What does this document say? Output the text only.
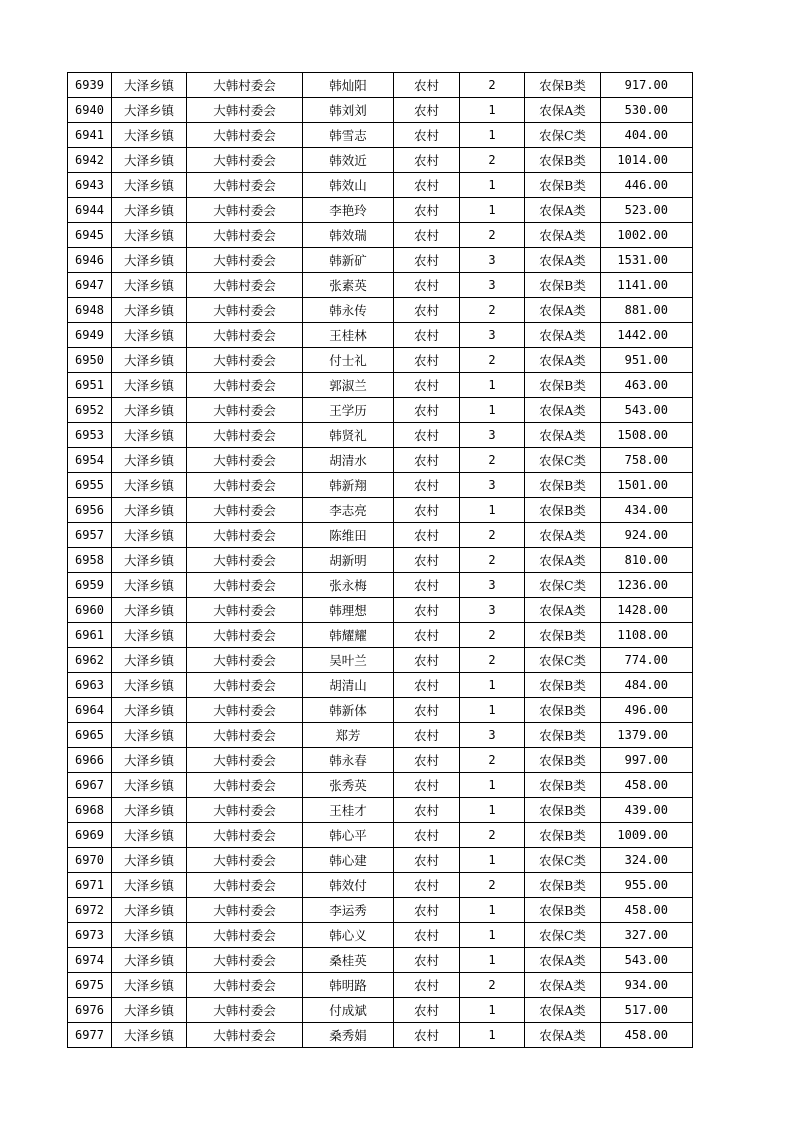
6939	大泽乡镇	大韩村委会	韩灿阳	农村	2	农保B类	917.00
6940	大泽乡镇	大韩村委会	韩刘刘	农村	1	农保A类	530.00
6941	大泽乡镇	大韩村委会	韩雪志	农村	1	农保C类	404.00
6942	大泽乡镇	大韩村委会	韩效近	农村	2	农保B类	1014.00
6943	大泽乡镇	大韩村委会	韩效山	农村	1	农保B类	446.00
6944	大泽乡镇	大韩村委会	李艳玲	农村	1	农保A类	523.00
6945	大泽乡镇	大韩村委会	韩效瑞	农村	2	农保A类	1002.00
6946	大泽乡镇	大韩村委会	韩新矿	农村	3	农保A类	1531.00
6947	大泽乡镇	大韩村委会	张素英	农村	3	农保B类	1141.00
6948	大泽乡镇	大韩村委会	韩永传	农村	2	农保A类	881.00
6949	大泽乡镇	大韩村委会	王桂林	农村	3	农保A类	1442.00
6950	大泽乡镇	大韩村委会	付士礼	农村	2	农保A类	951.00
6951	大泽乡镇	大韩村委会	郭淑兰	农村	1	农保B类	463.00
6952	大泽乡镇	大韩村委会	王学历	农村	1	农保A类	543.00
6953	大泽乡镇	大韩村委会	韩贤礼	农村	3	农保A类	1508.00
6954	大泽乡镇	大韩村委会	胡清水	农村	2	农保C类	758.00
6955	大泽乡镇	大韩村委会	韩新翔	农村	3	农保B类	1501.00
6956	大泽乡镇	大韩村委会	李志亮	农村	1	农保B类	434.00
6957	大泽乡镇	大韩村委会	陈维田	农村	2	农保A类	924.00
6958	大泽乡镇	大韩村委会	胡新明	农村	2	农保A类	810.00
6959	大泽乡镇	大韩村委会	张永梅	农村	3	农保C类	1236.00
6960	大泽乡镇	大韩村委会	韩理想	农村	3	农保A类	1428.00
6961	大泽乡镇	大韩村委会	韩耀耀	农村	2	农保B类	1108.00
6962	大泽乡镇	大韩村委会	吴叶兰	农村	2	农保C类	774.00
6963	大泽乡镇	大韩村委会	胡清山	农村	1	农保B类	484.00
6964	大泽乡镇	大韩村委会	韩新体	农村	1	农保B类	496.00
6965	大泽乡镇	大韩村委会	郑芳	农村	3	农保B类	1379.00
6966	大泽乡镇	大韩村委会	韩永春	农村	2	农保B类	997.00
6967	大泽乡镇	大韩村委会	张秀英	农村	1	农保B类	458.00
6968	大泽乡镇	大韩村委会	王桂才	农村	1	农保B类	439.00
6969	大泽乡镇	大韩村委会	韩心平	农村	2	农保B类	1009.00
6970	大泽乡镇	大韩村委会	韩心建	农村	1	农保C类	324.00
6971	大泽乡镇	大韩村委会	韩效付	农村	2	农保B类	955.00
6972	大泽乡镇	大韩村委会	李运秀	农村	1	农保B类	458.00
6973	大泽乡镇	大韩村委会	韩心义	农村	1	农保C类	327.00
6974	大泽乡镇	大韩村委会	桑桂英	农村	1	农保A类	543.00
6975	大泽乡镇	大韩村委会	韩明路	农村	2	农保A类	934.00
6976	大泽乡镇	大韩村委会	付成斌	农村	1	农保A类	517.00
6977	大泽乡镇	大韩村委会	桑秀娟	农村	1	农保A类	458.00
